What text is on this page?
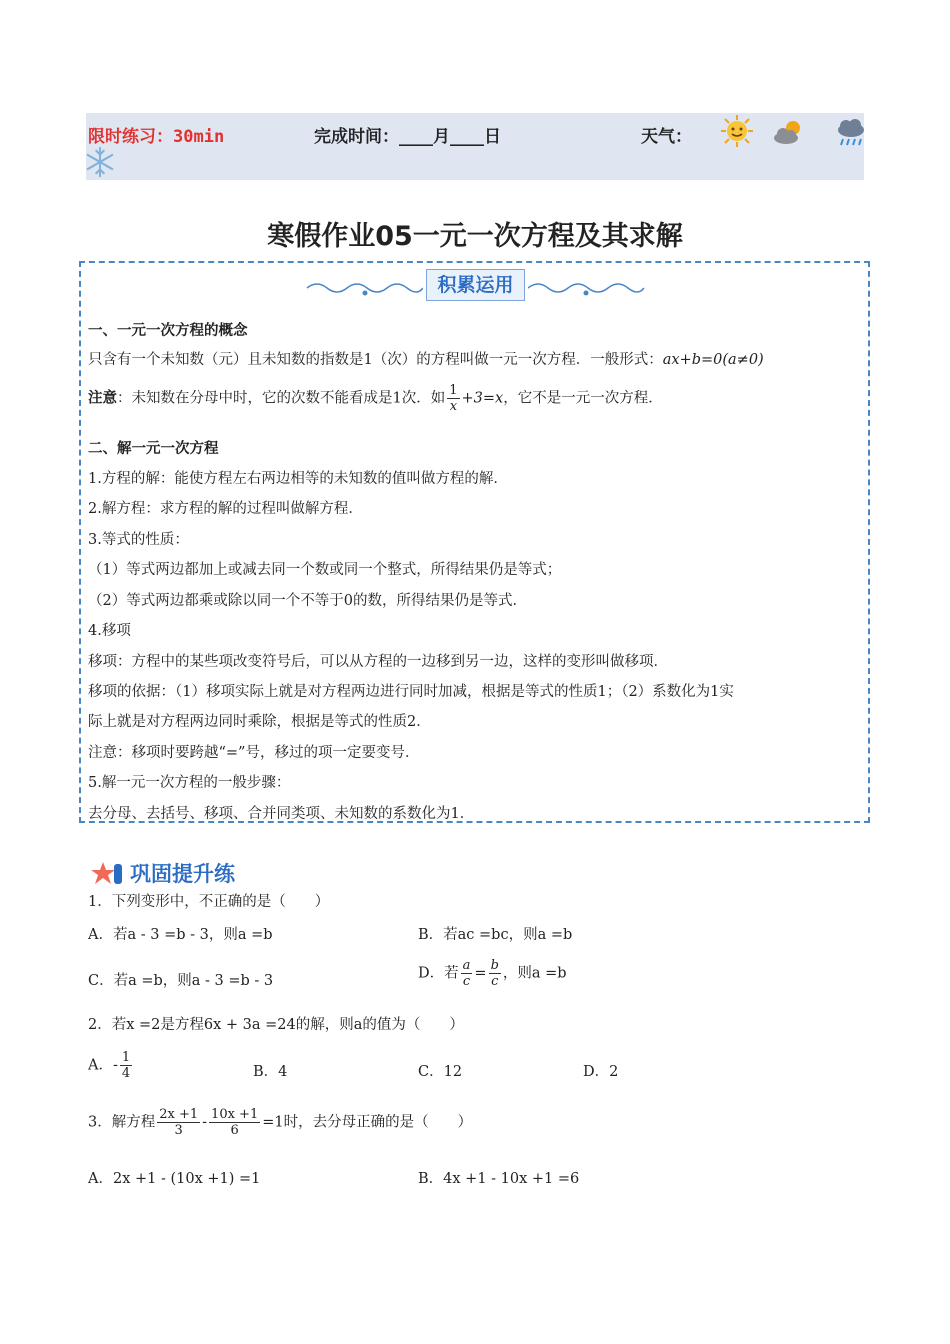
限时练习：30min	完成时间：____月____日	天气：
寒假作业05一元一次方程及其求解
积累运用
一、一元一次方程的概念
只含有一个未知数（元）且未知数的指数是1（次）的方程叫做一元一次方程．一般形式：ax+b=0(a≠0)
注意：未知数在分母中时，它的次数不能看成是1次．如 $\frac{1}{x} +3=x$，它不是一元一次方程．
二、解一元一次方程
1.方程的解：能使方程左右两边相等的未知数的值叫做方程的解．
2.解方程：求方程的解的过程叫做解方程．
3.等式的性质：
（1）等式两边都加上或减去同一个数或同一个整式，所得结果仍是等式；
（2）等式两边都乘或除以同一个不等于0的数，所得结果仍是等式．
4.移项
移项：方程中的某些项改变符号后，可以从方程的一边移到另一边，这样的变形叫做移项．
移项的依据：（1）移项实际上就是对方程两边进行同时加减，根据是等式的性质1；（2）系数化为1实
际上就是对方程两边同时乘除，根据是等式的性质2．
注意：移项时要跨越“=”号，移过的项一定要变号．
5.解一元一次方程的一般步骤：
去分母、去括号、移项、合并同类项、未知数的系数化为1．
巩固提升练
1．下列变形中，不正确的是（　　）
A．若a - 3 =b - 3，则a =b	B．若ac =bc，则a =b
C．若a =b，则a - 3 =b - 3	D．若 $\frac{a}{c} = \frac{b}{c}$ ，则a =b
2．若x =2是方程6x + 3a =24的解，则a的值为（　　）
A．- $\frac{1}{4}$	B．4	C．12	D．2
3．解方程 $\frac{2x +1}{3} - \frac{10x +1}{6} =1$时，去分母正确的是（　　）
A．2x +1 - (10x +1) =1	B．4x +1 - 10x +1 =6
